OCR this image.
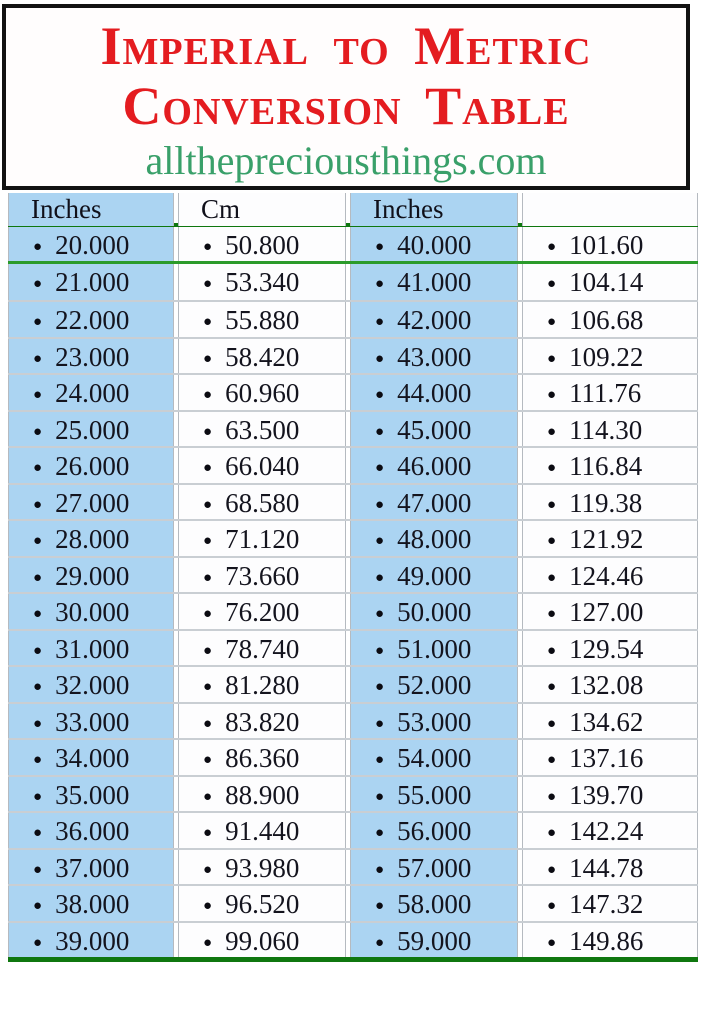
Imperial to Metric
Conversion Table
allthepreciousthings.com
Inches	Cm	Inches
● 20.000	● 50.800	● 40.000	● 101.60
● 21.000	● 53.340	● 41.000	● 104.14
● 22.000	● 55.880	● 42.000	● 106.68
● 23.000	● 58.420	● 43.000	● 109.22
● 24.000	● 60.960	● 44.000	● 111.76
● 25.000	● 63.500	● 45.000	● 114.30
● 26.000	● 66.040	● 46.000	● 116.84
● 27.000	● 68.580	● 47.000	● 119.38
● 28.000	● 71.120	● 48.000	● 121.92
● 29.000	● 73.660	● 49.000	● 124.46
● 30.000	● 76.200	● 50.000	● 127.00
● 31.000	● 78.740	● 51.000	● 129.54
● 32.000	● 81.280	● 52.000	● 132.08
● 33.000	● 83.820	● 53.000	● 134.62
● 34.000	● 86.360	● 54.000	● 137.16
● 35.000	● 88.900	● 55.000	● 139.70
● 36.000	● 91.440	● 56.000	● 142.24
● 37.000	● 93.980	● 57.000	● 144.78
● 38.000	● 96.520	● 58.000	● 147.32
● 39.000	● 99.060	● 59.000	● 149.86
